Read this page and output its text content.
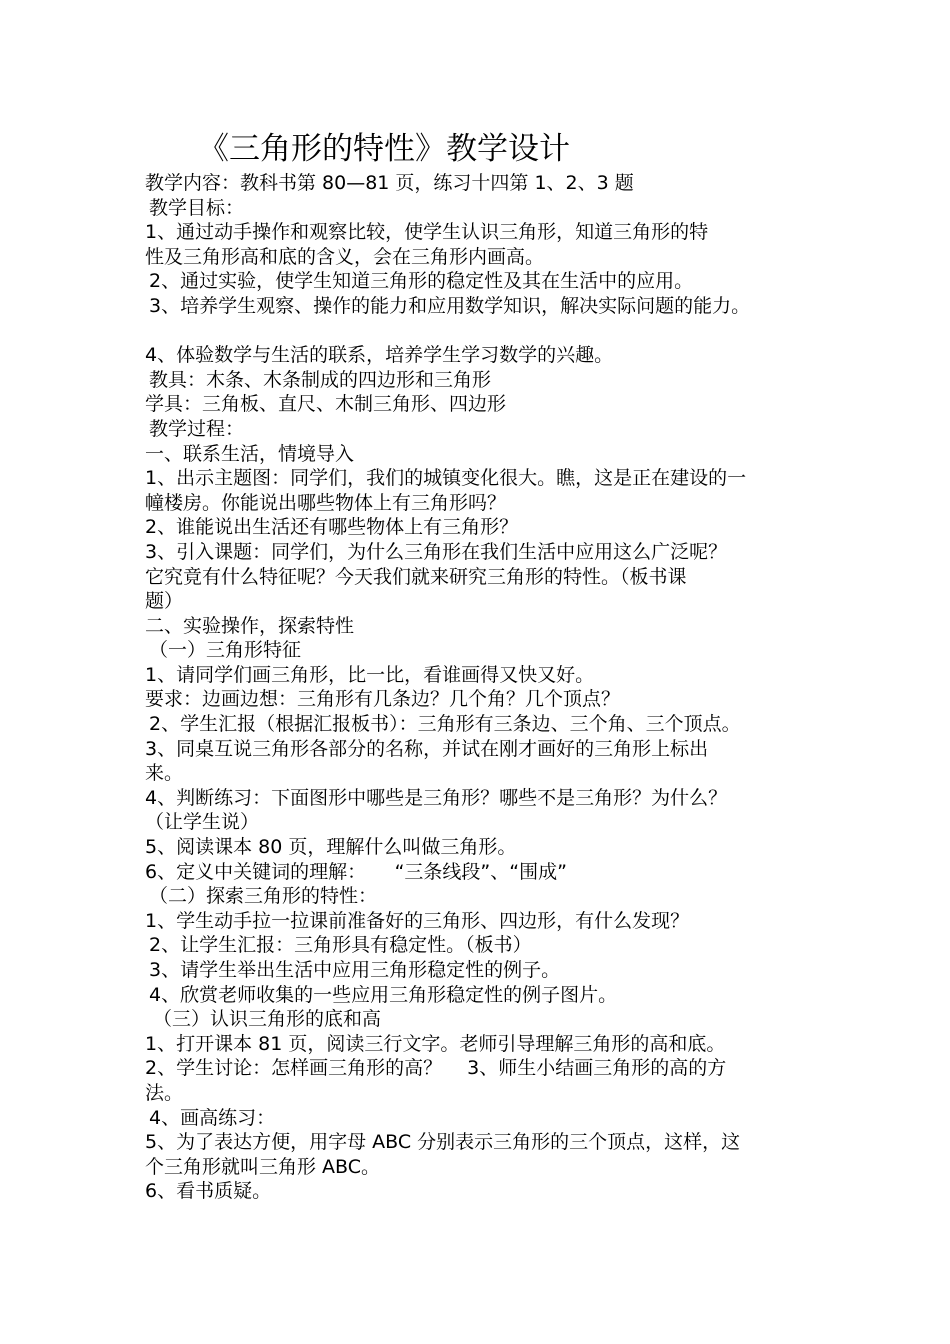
《三角形的特性》教学设计
教学内容：教科书第 80—81 页，练习十四第 1、2、3 题
教学目标：
1、通过动手操作和观察比较，使学生认识三角形，知道三角形的特
性及三角形高和底的含义，会在三角形内画高。
2、通过实验，使学生知道三角形的稳定性及其在生活中的应用。
3、培养学生观察、操作的能力和应用数学知识，解决实际问题的能力。
4、体验数学与生活的联系，培养学生学习数学的兴趣。
教具：木条、木条制成的四边形和三角形
学具：三角板、直尺、木制三角形、四边形
教学过程：
一、联系生活，情境导入
1、出示主题图：同学们，我们的城镇变化很大。瞧，这是正在建设的一
幢楼房。你能说出哪些物体上有三角形吗？
2、谁能说出生活还有哪些物体上有三角形？
3、引入课题：同学们，为什么三角形在我们生活中应用这么广泛呢？
它究竟有什么特征呢？今天我们就来研究三角形的特性。（板书课
题）
二、实验操作，探索特性
（一）三角形特征
1、请同学们画三角形，比一比，看谁画得又快又好。
要求：边画边想：三角形有几条边？几个角？几个顶点？
2、学生汇报（根据汇报板书）：三角形有三条边、三个角、三个顶点。
3、同桌互说三角形各部分的名称，并试在刚才画好的三角形上标出
来。
4、判断练习：下面图形中哪些是三角形？哪些不是三角形？为什么？
（让学生说）
5、阅读课本 80 页，理解什么叫做三角形。
6、定义中关键词的理解：　　“三条线段”、“围成”
（二）探索三角形的特性：
1、学生动手拉一拉课前准备好的三角形、四边形，有什么发现？
2、让学生汇报：三角形具有稳定性。（板书）
3、请学生举出生活中应用三角形稳定性的例子。
4、欣赏老师收集的一些应用三角形稳定性的例子图片。
（三）认识三角形的底和高
1、打开课本 81 页，阅读三行文字。老师引导理解三角形的高和底。
2、学生讨论：怎样画三角形的高？　 3、师生小结画三角形的高的方
法。
4、画高练习：
5、为了表达方便，用字母 ABC 分别表示三角形的三个顶点，这样，这
个三角形就叫三角形 ABC。
6、看书质疑。
